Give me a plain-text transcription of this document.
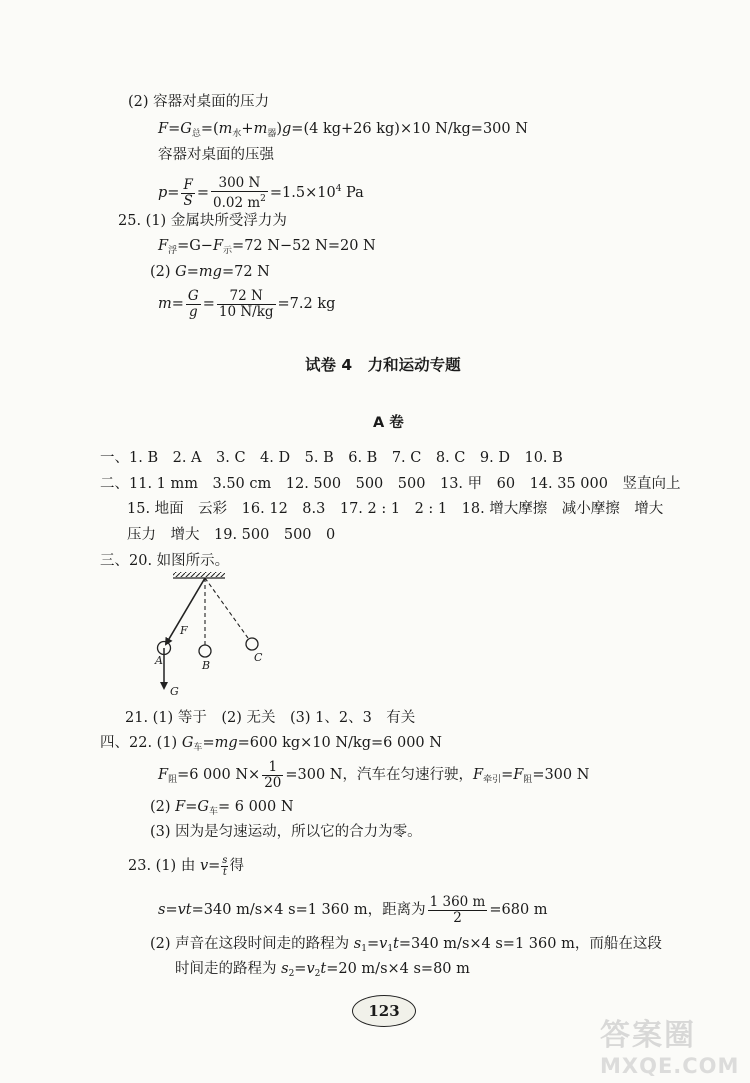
(2) 容器对桌面的压力
$F=G_总=(m_水+m_器)g=(4$ kg+26 kg)×10 N/kg=300 N
容器对桌面的压强
$p= \frac{F}{S} = \frac{300 N}{0.02 m^2} =1.5\times 10^4$ Pa
25. (1) 金属块所受浮力为
$F_浮=G-F_示=72$ N−52 N=20 N
(2) G=mg=72 N
$m= \frac{G}{g} = \frac{72 N}{10 N/kg} =7.2$ kg
试卷 4　力和运动专题
A 卷
一、1. B　2. A　3. C　4. D　5. B　6. B　7. C　8. C　9. D　10. B
二、11. 1 mm　3.50 cm　12. 500　500　500　13. 甲　60　14. 35 000　竖直向上
15. 地面　云彩　16. 12　8.3　17. 2 : 1　2 : 1　18. 增大摩擦　减小摩擦　增大
压力　增大　19. 500　500　0
三、20. 如图所示。
F
A	B
C
G
21. (1) 等于　(2) 无关　(3) 1、2、3　有关
四、22. (1) $G_车=mg=600$ kg×10 N/kg=6 000 N
$F_阻=6$ 000 $N\times \frac{1}{20} =300$ N，汽车在匀速行驶，$F_{牵引}=F_阻=300$ N
(2) $F=G_车= 6$ 000 N
(3) 因为是匀速运动，所以它的合力为零。
23. (1) 由 $v= \frac{s}{t}$ 得
s=vt=340 m/s×4 s=1 360 m，距离为 $\frac{1 360 m}{2} =680$ m
(2) 声音在这段时间走的路程为 $s_1=v_1t=340$ m/s×4 s=1 360 m，而船在这段
时间走的路程为 $s_2=v_2t=20$ m/s×4 s=80 m
123
答案圈
MXQE.COM
